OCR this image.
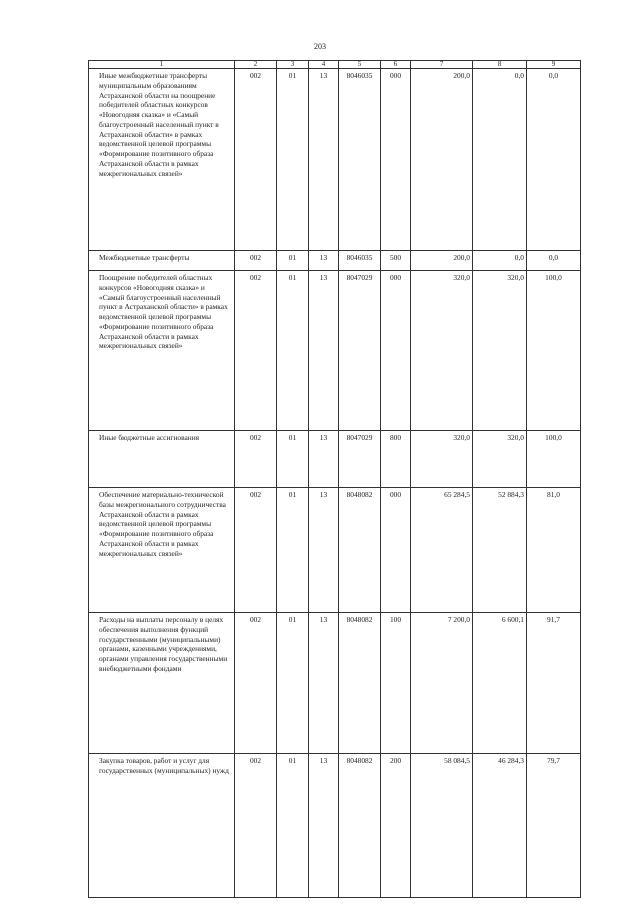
203
1	2	3	4	5	6	7	8	9
Иные межбюджетные трансферты муниципальным образованиям Астраханской области на поощрение победителей областных конкурсов «Новогодняя сказка» и «Самый благоустроенный населенный пункт в Астраханской области» в рамках ведомственной целевой программы «Формирование позитивного образа Астраханской области в рамках межрегиональных связей»	002	01	13	8046035	000	200,0	0,0	0,0
Межбюджетные трансферты	002	01	13	8046035	500	200,0	0,0	0,0
Поощрение победителей областных конкурсов «Новогодняя сказка» и «Самый благоустроенный населенный пункт в Астраханской области» в рамках ведомственной целевой программы «Формирование позитивного образа Астраханской области в рамках межрегиональных связей»	002	01	13	8047029	000	320,0	320,0	100,0
Иные бюджетные ассигнования	002	01	13	8047029	800	320,0	320,0	100,0
Обеспечение материально-технической базы межрегионального сотрудничества Астраханской области в рамках ведомственной целевой программы «Формирование позитивного образа Астраханской области в рамках межрегиональных связей»	002	01	13	8048082	000	65 284,5	52 884,3	81,0
Расходы на выплаты персоналу в целях обеспечения выполнения функций государственными (муниципальными) органами, казенными учреждениями, органами управления государственными внебюджетными фондами	002	01	13	8048082	100	7 200,0	6 600,1	91,7
Закупка товаров, работ и услуг для государственных (муниципальных) нужд	002	01	13	8048082	200	58 084,5	46 284,3	79,7
